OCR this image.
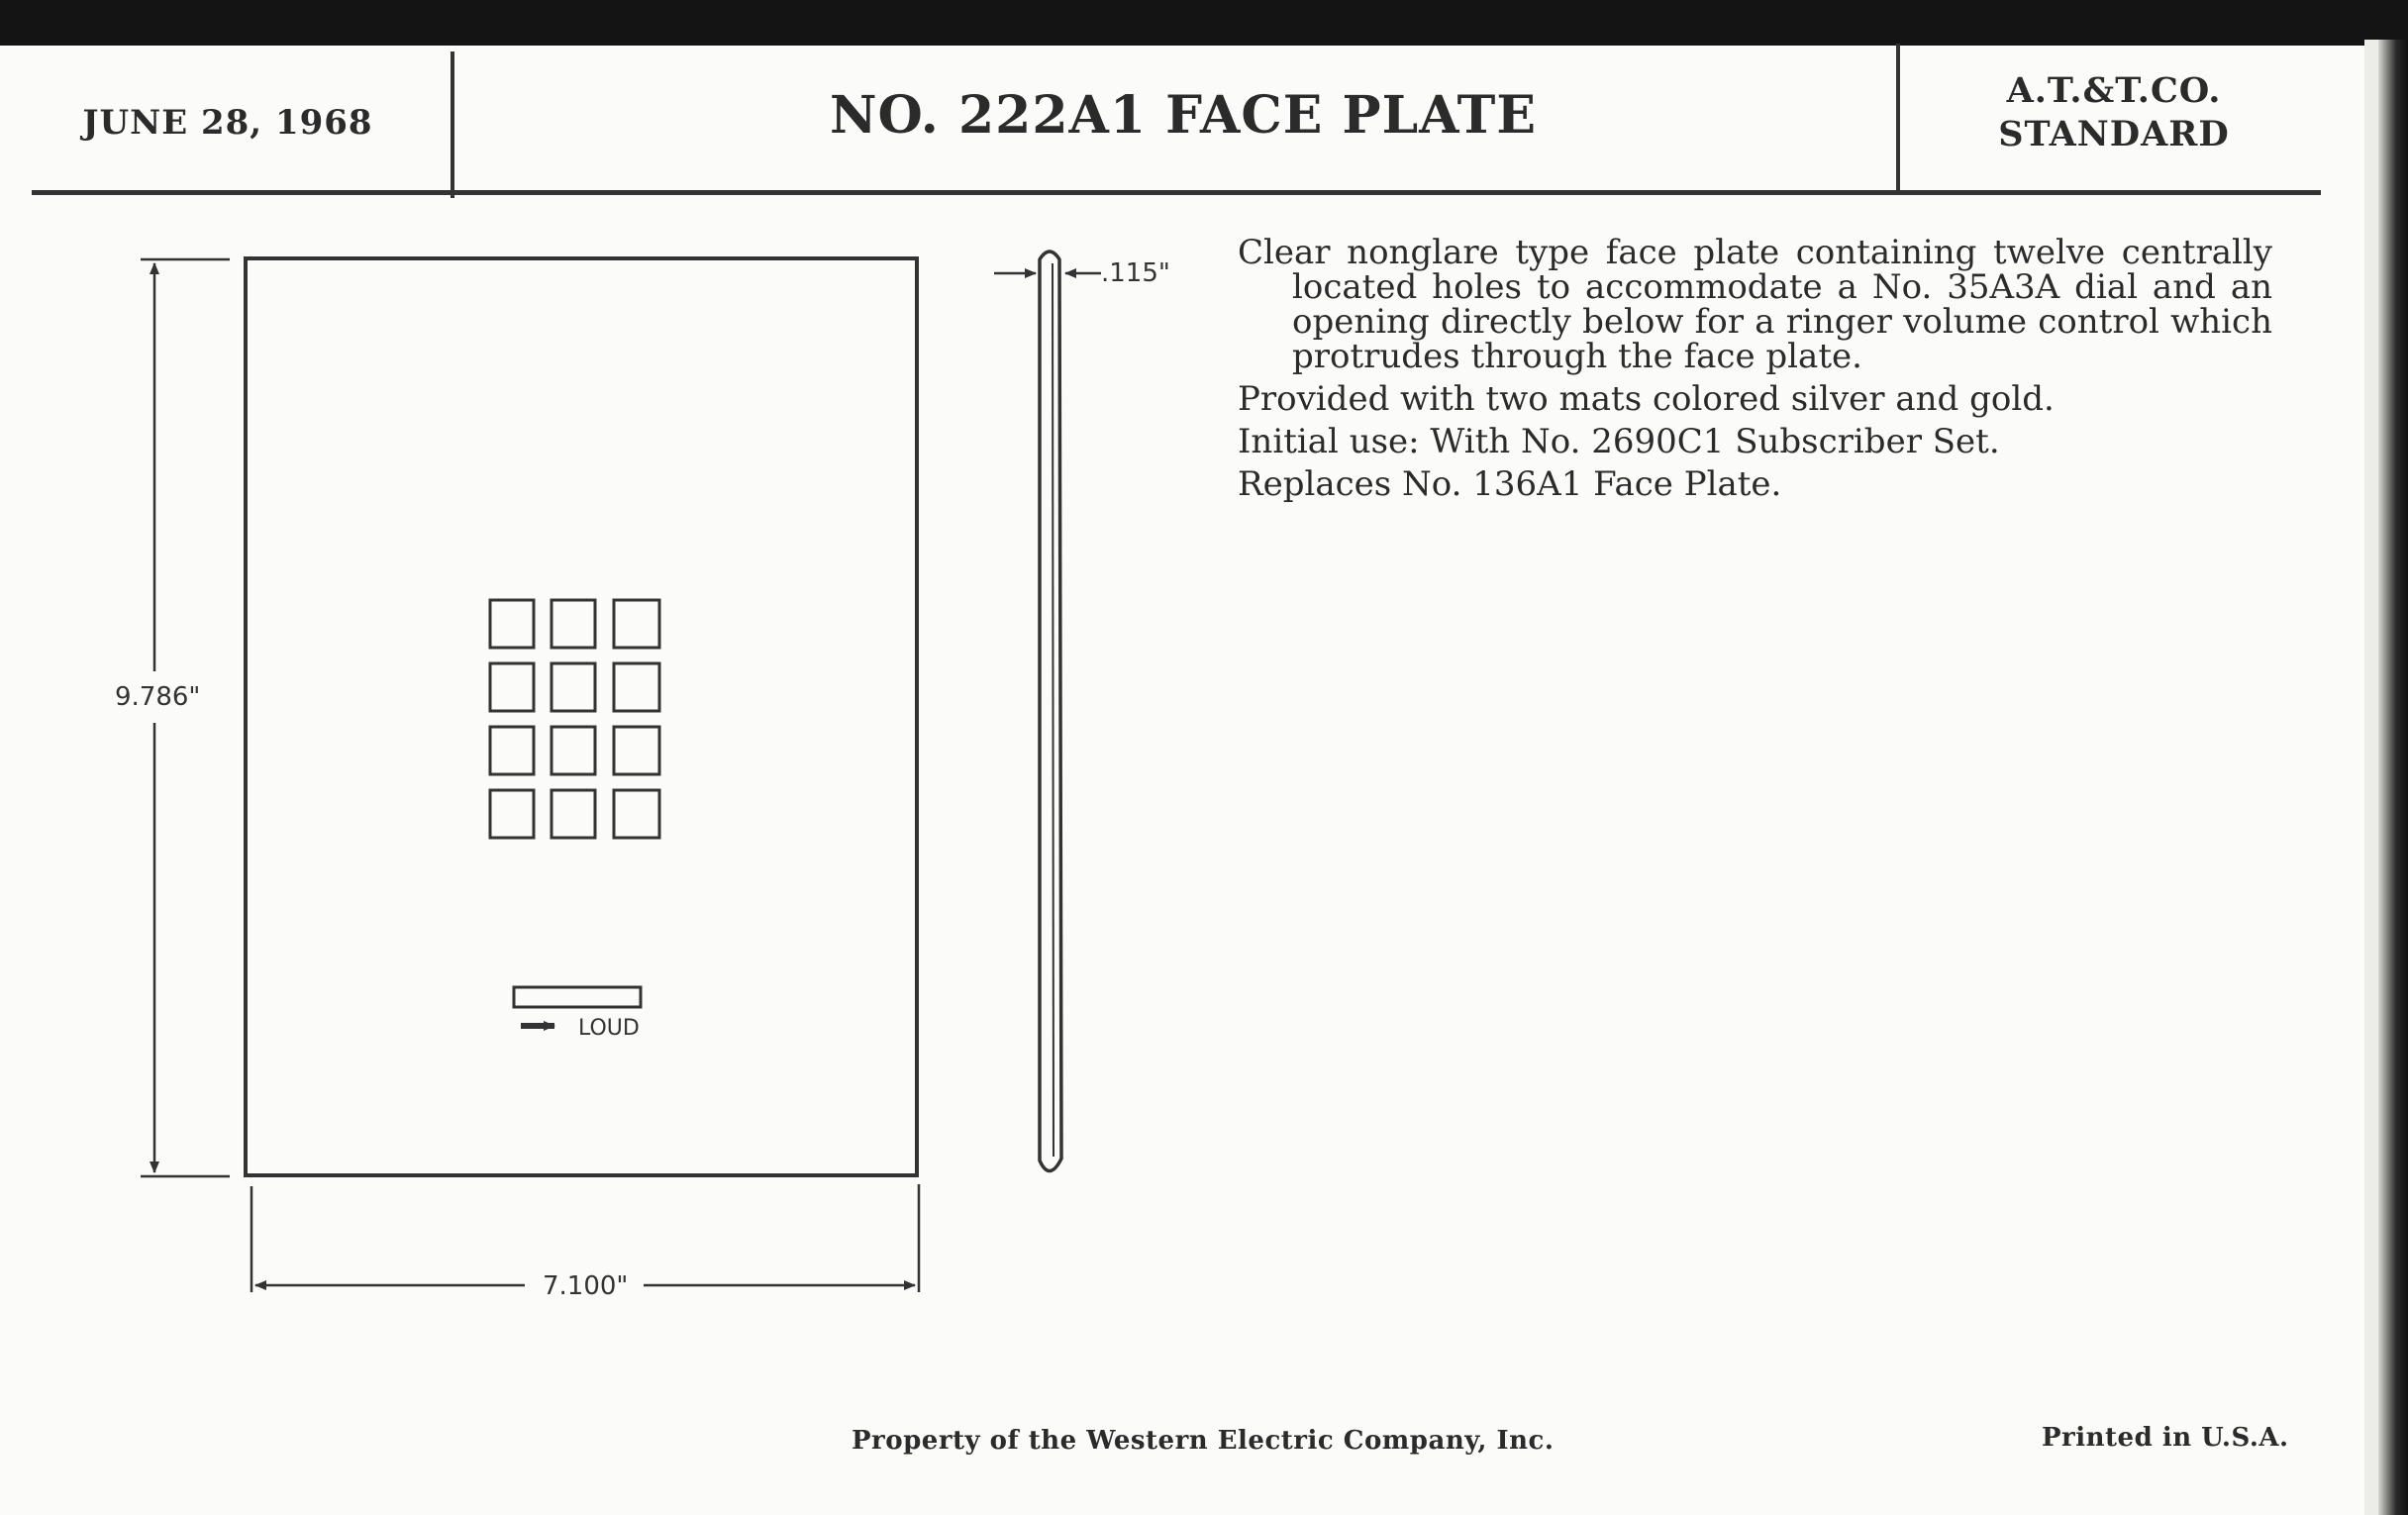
JUNE 28, 1968	NO. 222A1 FACE PLATE	A.T.&T.CO.
STANDARD
LOUD
9.786"
7.100"
.115"

Clear nonglare type face plate containing twelve centrally located holes to accommodate a No. 35A3A dial and an opening directly below for a ringer volume control which protrudes through the face plate.

Provided with two mats colored silver and gold.

Initial use: With No. 2690C1 Subscriber Set.

Replaces No. 136A1 Face Plate.

Property of the Western Electric Company, Inc.	Printed in U.S.A.
